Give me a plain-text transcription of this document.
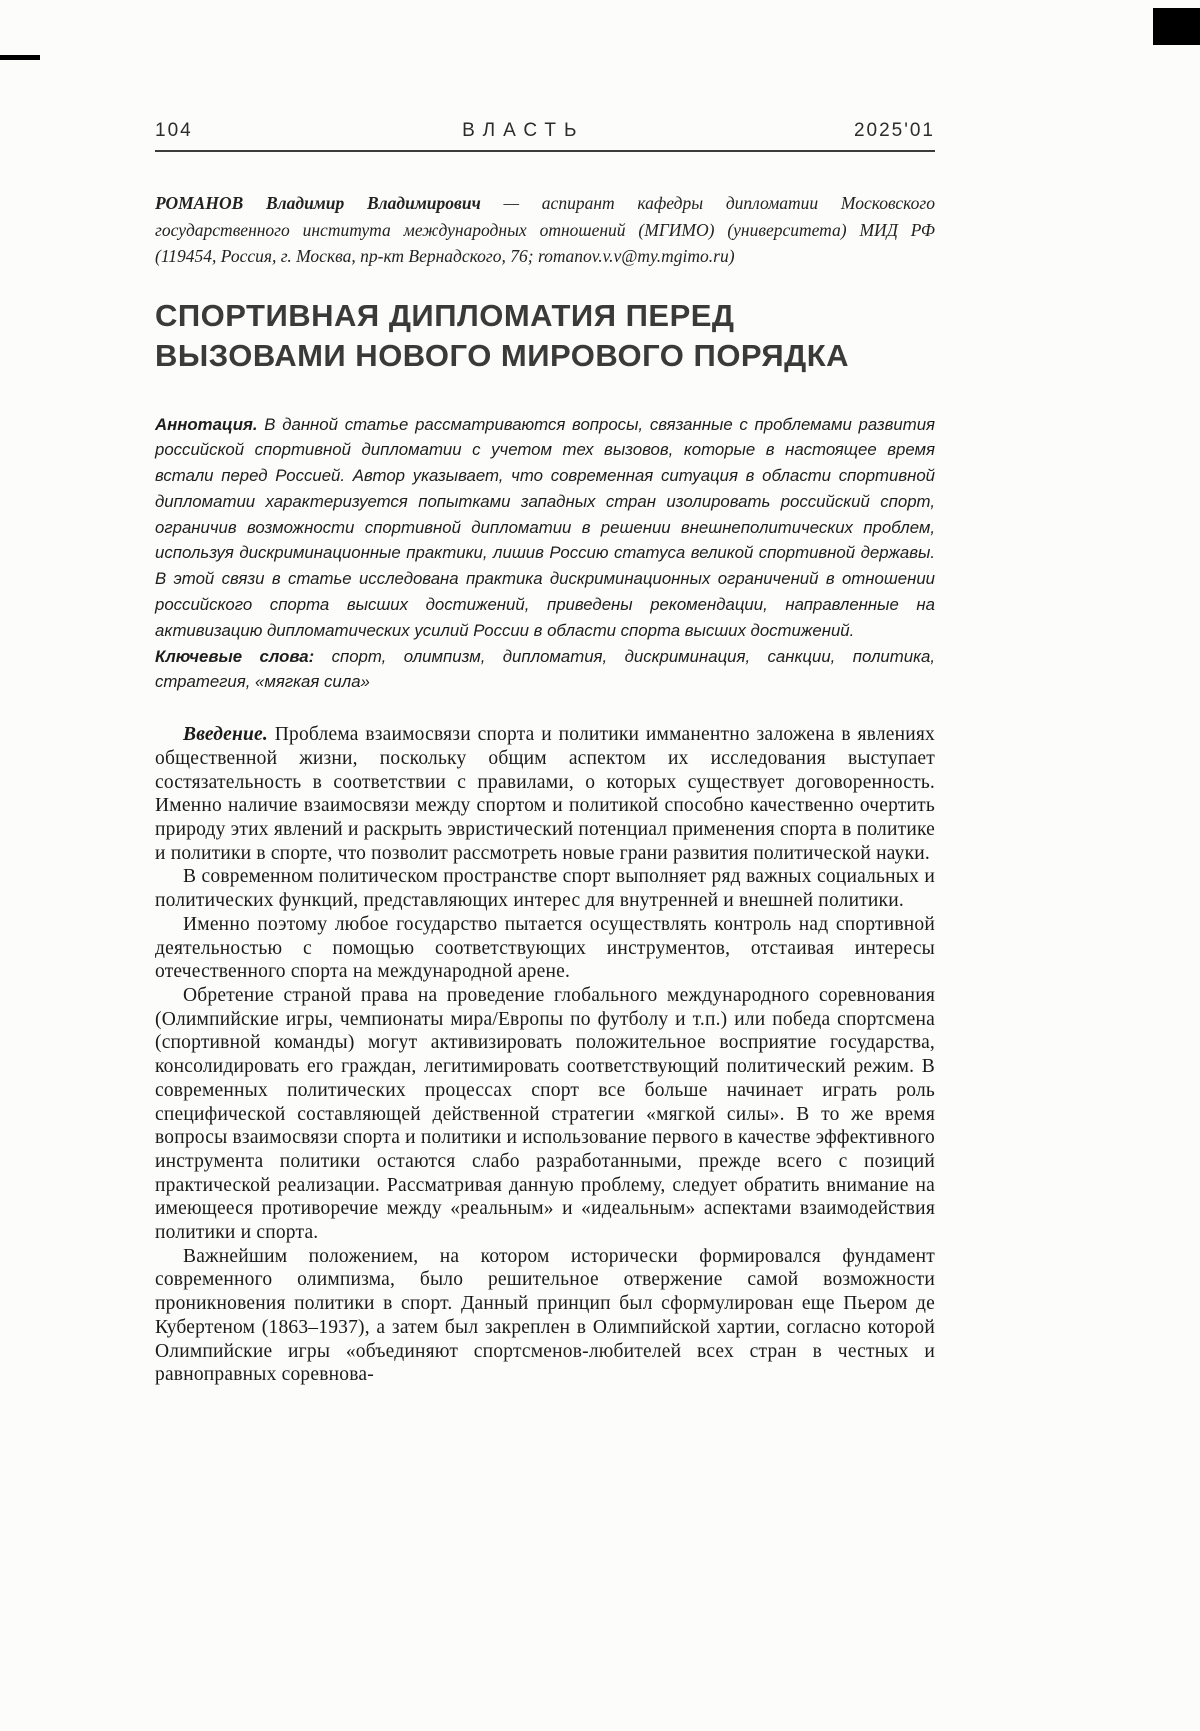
104	ВЛАСТЬ	2025'01

РОМАНОВ Владимир Владимирович — аспирант кафедры дипломатии Московского государственного института международных отношений (МГИМО) (университета) МИД РФ (119454, Россия, г. Москва, пр-кт Вернадского, 76; romanov.v.v@my.mgimo.ru)

СПОРТИВНАЯ ДИПЛОМАТИЯ ПЕРЕД
ВЫЗОВАМИ НОВОГО МИРОВОГО ПОРЯДКА

Аннотация. В данной статье рассматриваются вопросы, связанные с проблемами развития российской спортивной дипломатии с учетом тех вызовов, которые в настоящее время встали перед Россией. Автор указывает, что современная ситуация в области спортивной дипломатии характеризуется попытками западных стран изолировать российский спорт, ограничив возможности спортивной дипломатии в решении внешнеполитических проблем, используя дискриминационные практики, лишив Россию статуса великой спортивной державы. В этой связи в статье исследована практика дискриминационных ограничений в отношении российского спорта высших достижений, приведены рекомендации, направленные на активизацию дипломатических усилий России в области спорта высших достижений.

Ключевые слова: спорт, олимпизм, дипломатия, дискриминация, санкции, политика, стратегия, «мягкая сила»

Введение. Проблема взаимосвязи спорта и политики имманентно заложена в явлениях общественной жизни, поскольку общим аспектом их исследования выступает состязательность в соответствии с правилами, о которых существует договоренность. Именно наличие взаимосвязи между спортом и политикой способно качественно очертить природу этих явлений и раскрыть эвристический потенциал применения спорта в политике и политики в спорте, что позволит рассмотреть новые грани развития политической науки.

В современном политическом пространстве спорт выполняет ряд важных социальных и политических функций, представляющих интерес для внутренней и внешней политики.

Именно поэтому любое государство пытается осуществлять контроль над спортивной деятельностью с помощью соответствующих инструментов, отстаивая интересы отечественного спорта на международной арене.

Обретение страной права на проведение глобального международного соревнования (Олимпийские игры, чемпионаты мира/Европы по футболу и т.п.) или победа спортсмена (спортивной команды) могут активизировать положительное восприятие государства, консолидировать его граждан, легитимировать соответствующий политический режим. В современных политических процессах спорт все больше начинает играть роль специфической составляющей действенной стратегии «мягкой силы». В то же время вопросы взаимосвязи спорта и политики и использование первого в качестве эффективного инструмента политики остаются слабо разработанными, прежде всего с позиций практической реализации. Рассматривая данную проблему, следует обратить внимание на имеющееся противоречие между «реальным» и «идеальным» аспектами взаимодействия политики и спорта.

Важнейшим положением, на котором исторически формировался фундамент современного олимпизма, было решительное отвержение самой возможности проникновения политики в спорт. Данный принцип был сформулирован еще Пьером де Кубертеном (1863–1937), а затем был закреплен в Олимпийской хартии, согласно которой Олимпийские игры «объединяют спортсменов-любителей всех стран в честных и равноправных соревнова-
